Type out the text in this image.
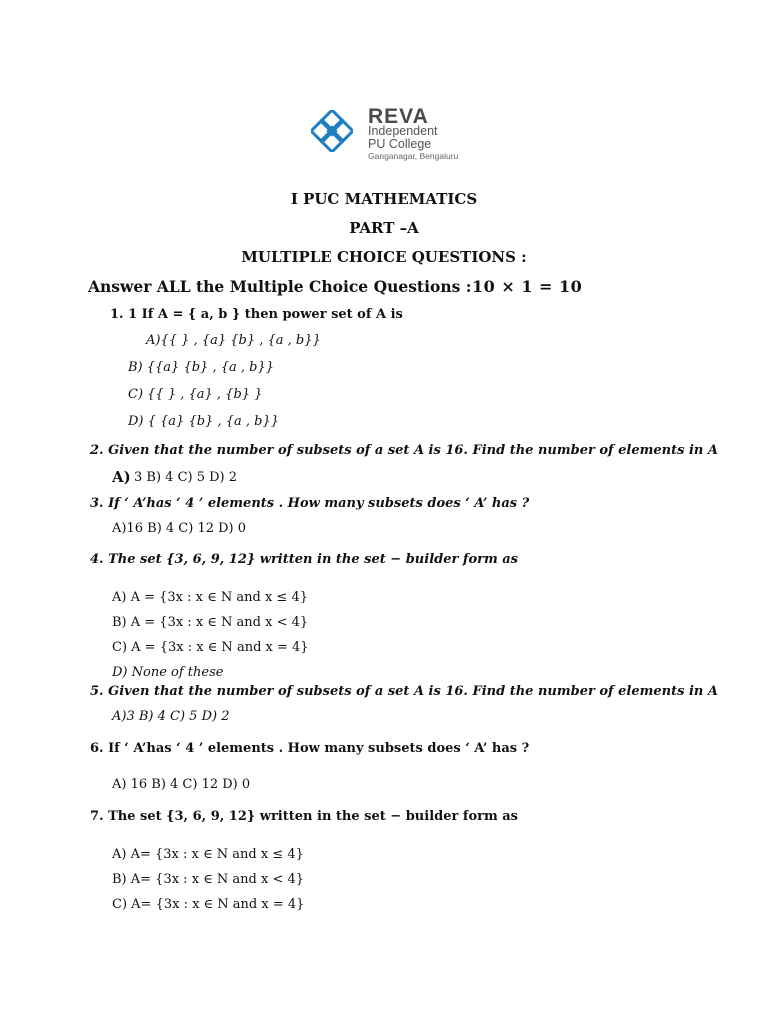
REVA
Independent
PU College
Ganganagar, Bengaluru
I PUC MATHEMATICS
PART –A
MULTIPLE CHOICE QUESTIONS :
Answer ALL the Multiple Choice Questions : 10 × 1 = 10
1. 1 If A = { a, b } then power set of A is
A){{ } , {a} {b} , {a , b}}
B) {{a} {b} , {a , b}}
C) {{ } , {a} , {b} }
D) { {a} {b} , {a , b}}
2. Given that the number of subsets of a set A is 16. Find the number of elements in A
A) 3 B) 4 C) 5 D) 2
3. If ‘ A’has ‘ 4 ’ elements . How many subsets does ‘ A’ has ?
A)16 B) 4 C) 12 D) 0
4. The set {3, 6, 9, 12} written in the set − builder form as
A) A = {3x : x ∈ N and x ≤ 4}
B) A = {3x : x ∈ N and x < 4}
C) A = {3x : x ∈ N and x = 4}
D) None of these
5. Given that the number of subsets of a set A is 16. Find the number of elements in A
A)3 B) 4 C) 5 D) 2
6. If ‘ A’has ‘ 4 ’ elements . How many subsets does ‘ A’ has ?
A) 16 B) 4 C) 12 D) 0
7. The set {3, 6, 9, 12} written in the set − builder form as
A) A= {3x : x ∈ N and x ≤ 4}
B) A= {3x : x ∈ N and x < 4}
C) A= {3x : x ∈ N and x = 4}
